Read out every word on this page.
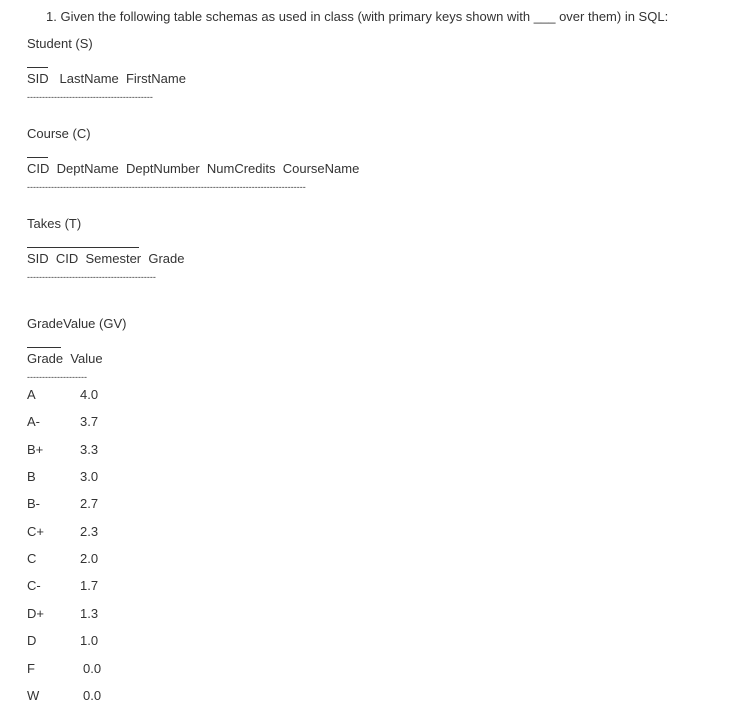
1. Given the following table schemas as used in class (with primary keys shown with ___ over them) in SQL:
Student (S)
SID   LastName  FirstName
------------------------------------------
Course (C)
CID  DeptName  DeptNumber  NumCredits  CourseName
---------------------------------------------------------------------------------------------
Takes (T)
SID  CID  Semester  Grade
-------------------------------------------
GradeValue (GV)
Grade  Value
--------------------
A	4.0
A-	3.7
B+	3.3
B	3.0
B-	2.7
C+	2.3
C	2.0
C-	1.7
D+	1.3
D	1.0
F	0.0
W	0.0
